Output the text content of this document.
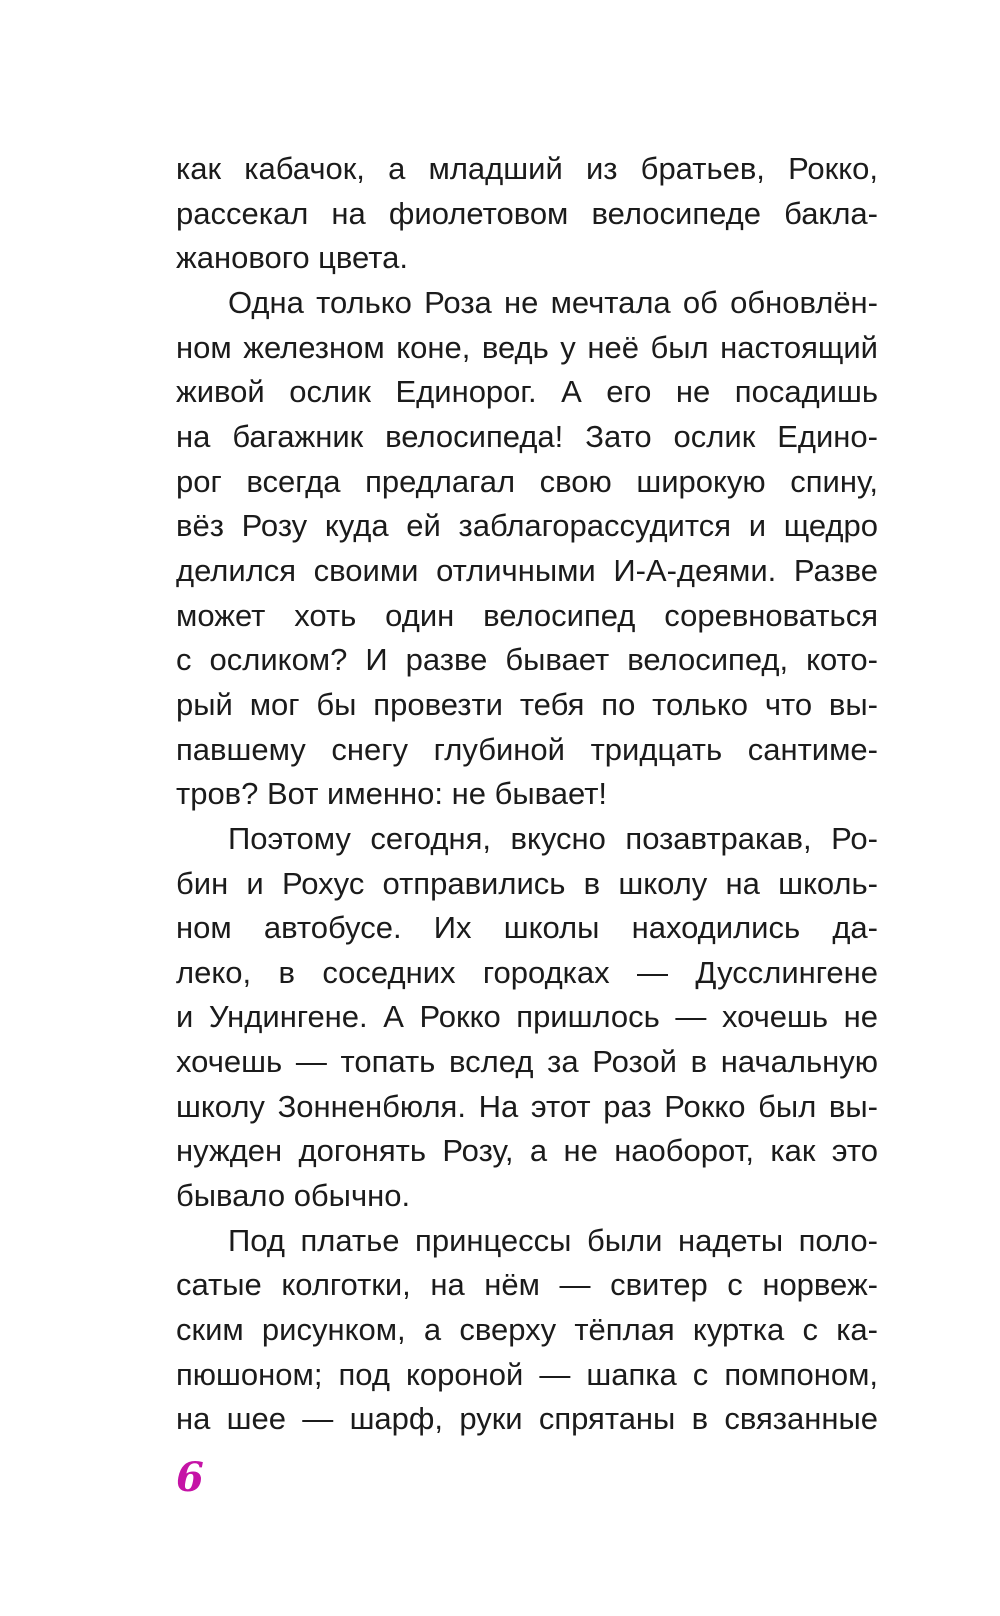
как кабачок, а младший из братьев, Рокко,
рассекал на фиолетовом велосипеде бакла-
жанового цвета.
Одна только Роза не мечтала об обновлён-
ном железном коне, ведь у неё был настоящий
живой ослик Единорог. А его не посадишь
на багажник велосипеда! Зато ослик Едино-
рог всегда предлагал свою широкую спину,
вёз Розу куда ей заблагорассудится и щедро
делился своими отличными И-А-деями. Разве
может хоть один велосипед соревноваться
с осликом? И разве бывает велосипед, кото-
рый мог бы провезти тебя по только что вы-
павшему снегу глубиной тридцать сантиме-
тров? Вот именно: не бывает!
Поэтому сегодня, вкусно позавтракав, Ро-
бин и Рохус отправились в школу на школь-
ном автобусе. Их школы находились да-
леко, в соседних городках — Дусслингене
и Ундингене. А Рокко пришлось — хочешь не
хочешь — топать вслед за Розой в начальную
школу Зонненбюля. На этот раз Рокко был вы-
нужден догонять Розу, а не наоборот, как это
бывало обычно.
Под платье принцессы были надеты поло-
сатые колготки, на нём — свитер с норвеж-
ским рисунком, а сверху тёплая куртка с ка-
пюшоном; под короной — шапка с помпоном,
на шее — шарф, руки спрятаны в связанные
6
